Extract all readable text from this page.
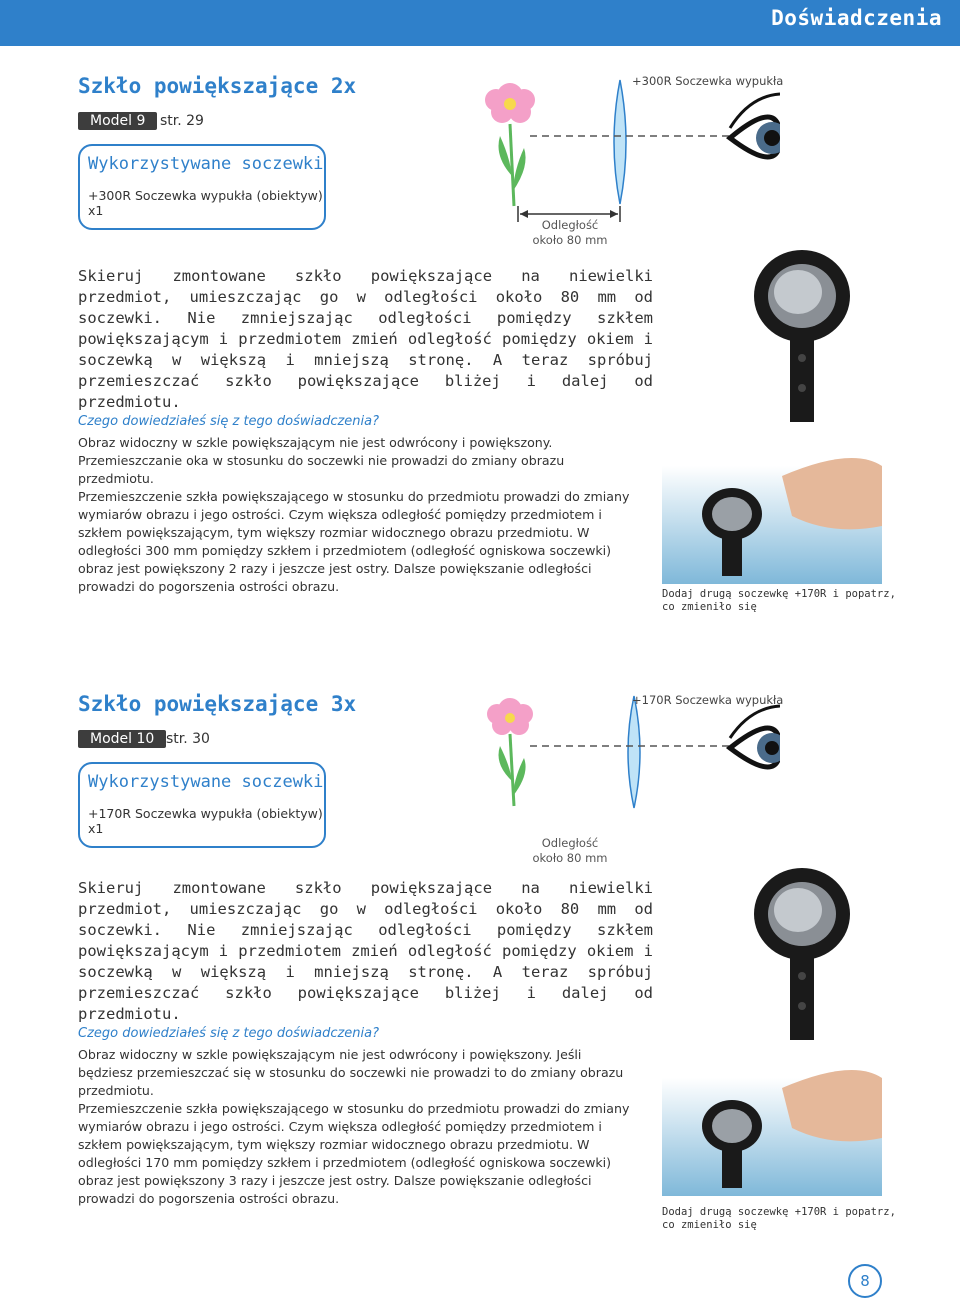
Doświadczenia
Szkło powiększające 2x
Model 9	str. 29
Wykorzystywane soczewki
+300R Soczewka wypukła (obiektyw) x1
+300R Soczewka wypukła
Odległość
około 80 mm
Skieruj zmontowane szkło powiększające na niewielki przedmiot, umieszczając go w odległości około 80 mm od soczewki. Nie zmniejszając odległości pomiędzy szkłem powiększającym i przedmiotem zmień odległość pomiędzy okiem i soczewką w większą i mniejszą stronę. A teraz spróbuj przemieszczać szkło powiększające bliżej i dalej od przedmiotu.
Czego dowiedziałeś się z tego doświadczenia?

Obraz widoczny w szkle powiększającym nie jest odwrócony i powiększony.

Przemieszczanie oka w stosunku do soczewki nie prowadzi do zmiany obrazu przedmiotu.

Przemieszczenie szkła powiększającego w stosunku do przedmiotu prowadzi do zmiany wymiarów obrazu i jego ostrości. Czym większa odległość pomiędzy przedmiotem i szkłem powiększającym, tym większy rozmiar widocznego obrazu przedmiotu. W odległości 300 mm pomiędzy szkłem i przedmiotem (odległość ogniskowa soczewki) obraz jest powiększony 2 razy i jeszcze jest ostry. Dalsze powiększanie odległości prowadzi do pogorszenia ostrości obrazu.	Dodaj drugą soczewkę +170R i popatrz, co zmieniło się
Szkło powiększające 3x
Model 10 str. 30
Wykorzystywane soczewki
+170R Soczewka wypukła (obiektyw) x1
+170R Soczewka wypukła
Odległość
około 80 mm
Skieruj zmontowane szkło powiększające na niewielki przedmiot, umieszczając go w odległości około 80 mm od soczewki. Nie zmniejszając odległości pomiędzy szkłem powiększającym i przedmiotem zmień odległość pomiędzy okiem i soczewką w większą i mniejszą stronę. A teraz spróbuj przemieszczać szkło powiększające bliżej i dalej od przedmiotu.
Czego dowiedziałeś się z tego doświadczenia?

Obraz widoczny w szkle powiększającym nie jest odwrócony i powiększony. Jeśli będziesz przemieszczać się w stosunku do soczewki nie prowadzi to do zmiany obrazu przedmiotu.

Przemieszczenie szkła powiększającego w stosunku do przedmiotu prowadzi do zmiany wymiarów obrazu i jego ostrości. Czym większa odległość pomiędzy przedmiotem i szkłem powiększającym, tym większy rozmiar widocznego obrazu przedmiotu. W odległości 170 mm pomiędzy szkłem i przedmiotem (odległość ogniskowa soczewki) obraz jest powiększony 3 razy i jeszcze jest ostry. Dalsze powiększanie odległości prowadzi do pogorszenia ostrości obrazu.

Dodaj drugą soczewkę +170R i popatrz, co zmieniło się
8
